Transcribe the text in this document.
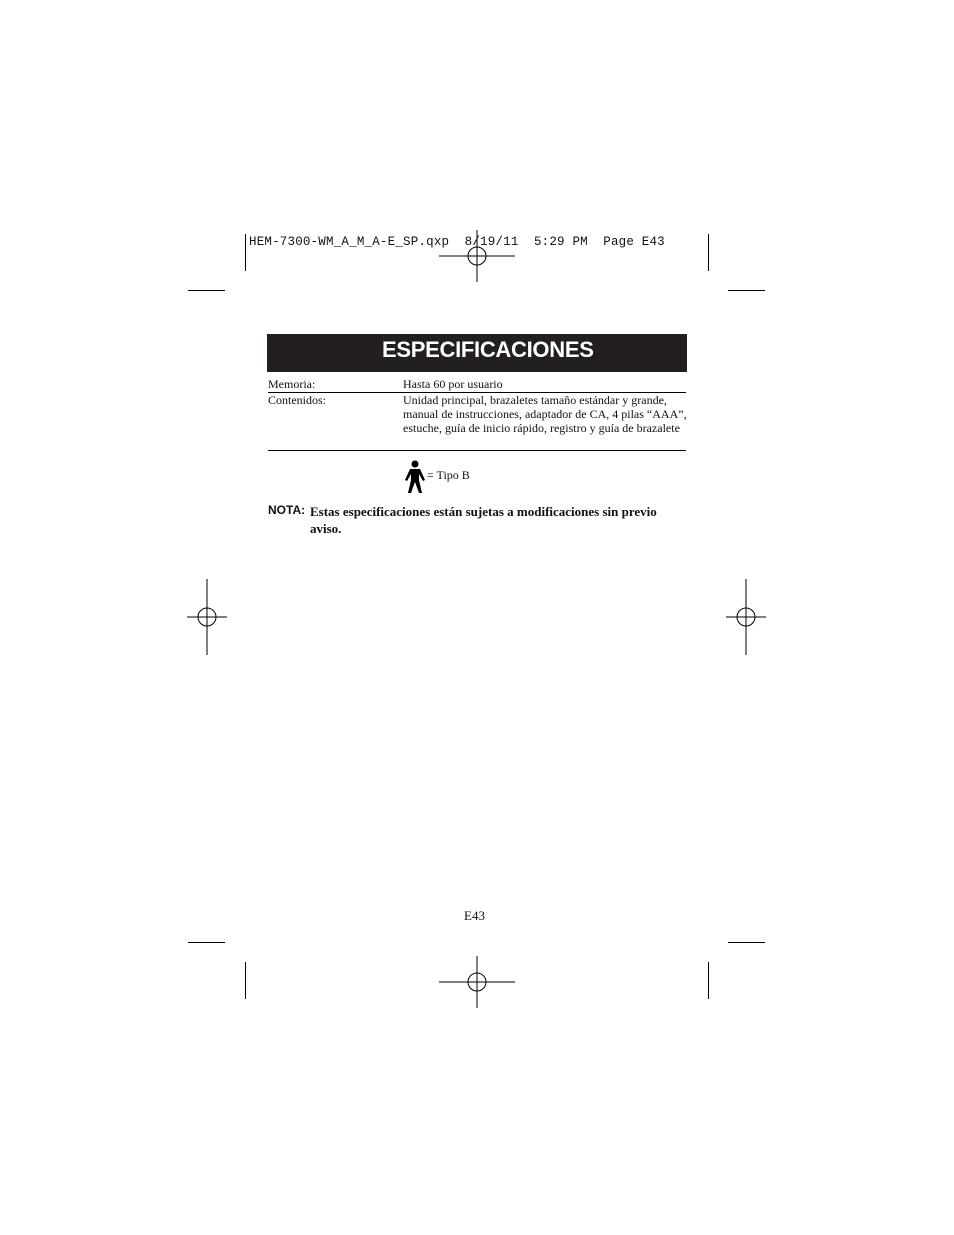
HEM-7300-WM_A_M_A-E_SP.qxp  8/19/11  5:29 PM  Page E43
ESPECIFICACIONES
Memoria:	Hasta 60 por usuario
Contenidos:	Unidad principal, brazaletes tamaño estándar y grande, manual de instrucciones, adaptador de CA, 4 pilas “AAA”, estuche, guía de inicio rápido, registro y guía de brazalete
= Tipo B
NOTA: Estas especificaciones están sujetas a modificaciones sin previo aviso.
E43
